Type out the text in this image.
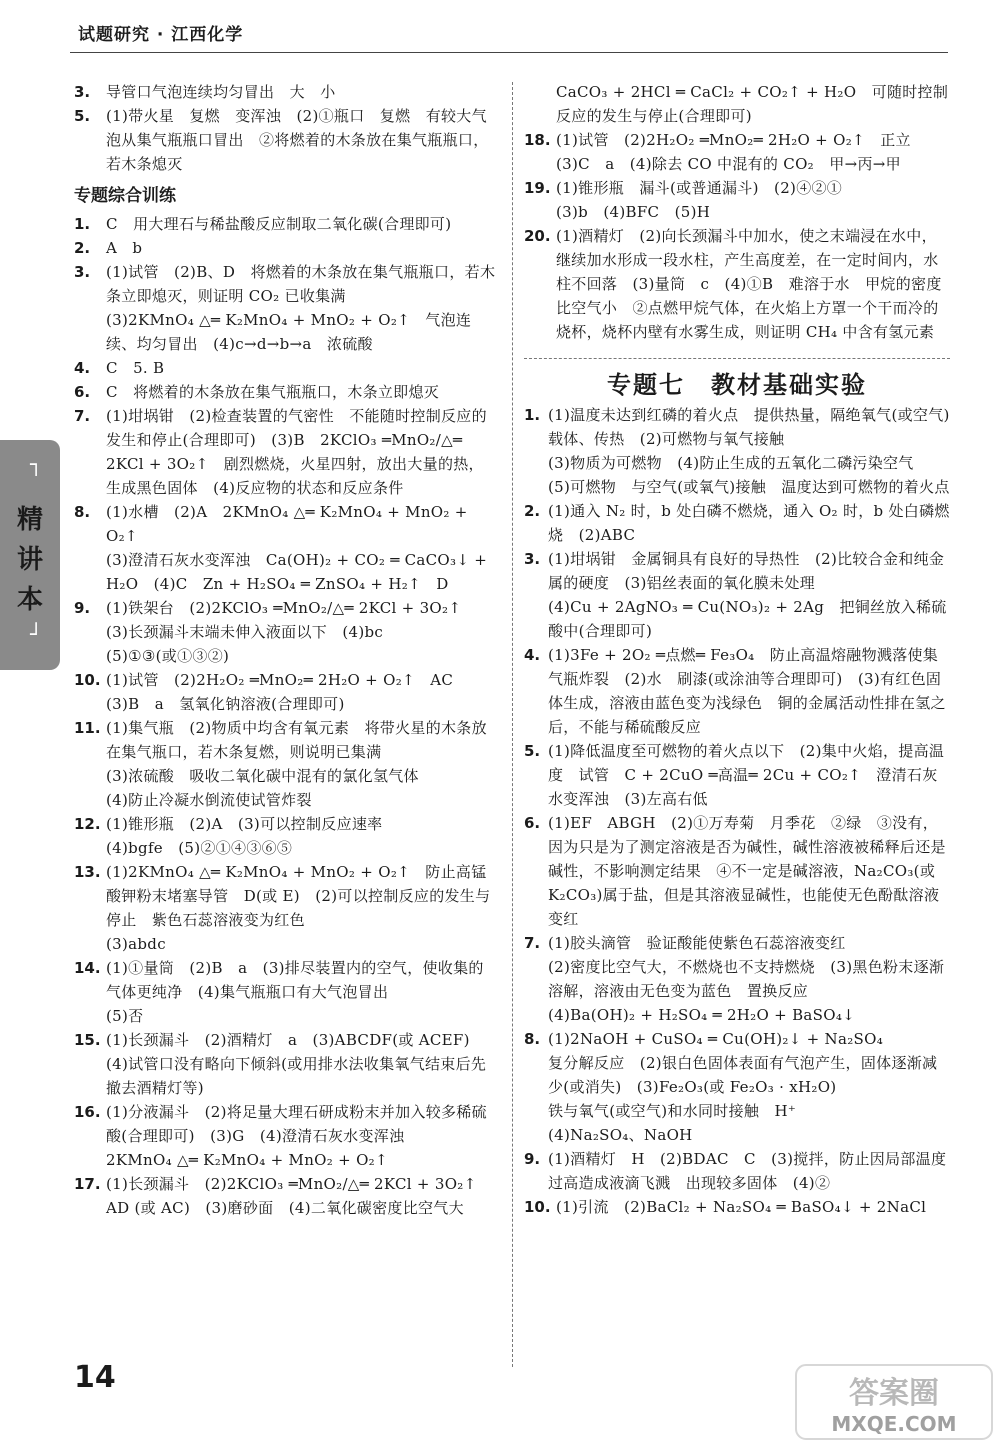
试题研究 · 江西化学
┐
┘
精讲本
3.	导管口气泡连续均匀冒出　大　小
5.	(1)带火星　复燃　变浑浊　(2)①瓶口　复燃　有较大气泡从集气瓶瓶口冒出　②将燃着的木条放在集气瓶瓶口，若木条熄灭
专题综合训练
1.	C　用大理石与稀盐酸反应制取二氧化碳(合理即可)
2.	A　b
3.	(1)试管　(2)B、D　将燃着的木条放在集气瓶瓶口，若木条立即熄灭，则证明 CO₂ 已收集满
(3)2KMnO₄ △═ K₂MnO₄ + MnO₂ + O₂↑　气泡连续、均匀冒出　(4)c→d→b→a　浓硫酸
4.	C　5. B
6.	C　将燃着的木条放在集气瓶瓶口，木条立即熄灭
7.	(1)坩埚钳　(2)检查装置的气密性　不能随时控制反应的发生和停止(合理即可)　(3)B　2KClO₃ ═MnO₂/△═ 2KCl + 3O₂↑　剧烈燃烧，火星四射，放出大量的热，生成黑色固体　(4)反应物的状态和反应条件
8.	(1)水槽　(2)A　2KMnO₄ △═ K₂MnO₄ + MnO₂ + O₂↑
(3)澄清石灰水变浑浊　Ca(OH)₂ + CO₂ ═ CaCO₃↓ + H₂O　(4)C　Zn + H₂SO₄ ═ ZnSO₄ + H₂↑　D
9.	(1)铁架台　(2)2KClO₃ ═MnO₂/△═ 2KCl + 3O₂↑
(3)长颈漏斗末端未伸入液面以下　(4)bc
(5)①③(或①③②)
10. (1)试管　(2)2H₂O₂ ═MnO₂═ 2H₂O + O₂↑　AC
(3)B　a　氢氧化钠溶液(合理即可)
11. (1)集气瓶　(2)物质中均含有氧元素　将带火星的木条放在集气瓶口，若木条复燃，则说明已集满
(3)浓硫酸　吸收二氧化碳中混有的氯化氢气体
(4)防止冷凝水倒流使试管炸裂
12. (1)锥形瓶　(2)A　(3)可以控制反应速率
(4)bgfe　(5)②①④③⑥⑤
13. (1)2KMnO₄ △═ K₂MnO₄ + MnO₂ + O₂↑　防止高锰酸钾粉末堵塞导管　D(或 E)　(2)可以控制反应的发生与停止　紫色石蕊溶液变为红色
(3)abdc
14. (1)①量筒　(2)B　a　(3)排尽装置内的空气，使收集的气体更纯净　(4)集气瓶瓶口有大气泡冒出
(5)否
15. (1)长颈漏斗　(2)酒精灯　a　(3)ABCDF(或 ACEF)　(4)试管口没有略向下倾斜(或用排水法收集氧气结束后先撤去酒精灯等)
16. (1)分液漏斗　(2)将足量大理石研成粉末并加入较多稀硫酸(合理即可)　(3)G　(4)澄清石灰水变浑浊
2KMnO₄ △═ K₂MnO₄ + MnO₂ + O₂↑
17. (1)长颈漏斗　(2)2KClO₃ ═MnO₂/△═ 2KCl + 3O₂↑　AD (或 AC)　(3)磨砂面　(4)二氧化碳密度比空气大
CaCO₃ + 2HCl ═ CaCl₂ + CO₂↑ + H₂O　可随时控制反应的发生与停止(合理即可)
18. (1)试管　(2)2H₂O₂ ═MnO₂═ 2H₂O + O₂↑　正立
(3)C　a　(4)除去 CO 中混有的 CO₂　甲→丙→甲
19. (1)锥形瓶　漏斗(或普通漏斗)　(2)④②①
(3)b　(4)BFC　(5)H
20. (1)酒精灯　(2)向长颈漏斗中加水，使之末端浸在水中，继续加水形成一段水柱，产生高度差，在一定时间内，水柱不回落　(3)量筒　c　(4)①B　难溶于水　甲烷的密度比空气小　②点燃甲烷气体，在火焰上方罩一个干而冷的烧杯，烧杯内壁有水雾生成，则证明 CH₄ 中含有氢元素
专题七　教材基础实验
1. (1)温度未达到红磷的着火点　提供热量，隔绝氧气(或空气)　载体、传热　(2)可燃物与氧气接触
(3)物质为可燃物　(4)防止生成的五氧化二磷污染空气　(5)可燃物　与空气(或氧气)接触　温度达到可燃物的着火点
2. (1)通入 N₂ 时，b 处白磷不燃烧，通入 O₂ 时，b 处白磷燃烧　(2)ABC
3. (1)坩埚钳　金属铜具有良好的导热性　(2)比较合金和纯金属的硬度　(3)铝丝表面的氧化膜未处理
(4)Cu + 2AgNO₃ ═ Cu(NO₃)₂ + 2Ag　把铜丝放入稀硫酸中(合理即可)
4. (1)3Fe + 2O₂ ═点燃═ Fe₃O₄　防止高温熔融物溅落使集气瓶炸裂　(2)水　刷漆(或涂油等合理即可)　(3)有红色固体生成，溶液由蓝色变为浅绿色　铜的金属活动性排在氢之后，不能与稀硫酸反应
5. (1)降低温度至可燃物的着火点以下　(2)集中火焰，提高温度　试管　C + 2CuO ═高温═ 2Cu + CO₂↑　澄清石灰水变浑浊　(3)左高右低
6. (1)EF　ABGH　(2)①万寿菊　月季花　②绿　③没有，因为只是为了测定溶液是否为碱性，碱性溶液被稀释后还是碱性，不影响测定结果　④不一定是碱溶液，Na₂CO₃(或 K₂CO₃)属于盐，但是其溶液显碱性，也能使无色酚酞溶液变红
7. (1)胶头滴管　验证酸能使紫色石蕊溶液变红
(2)密度比空气大，不燃烧也不支持燃烧　(3)黑色粉末逐渐溶解，溶液由无色变为蓝色　置换反应
(4)Ba(OH)₂ + H₂SO₄ ═ 2H₂O + BaSO₄↓
8. (1)2NaOH + CuSO₄ ═ Cu(OH)₂↓ + Na₂SO₄
复分解反应　(2)银白色固体表面有气泡产生，固体逐渐减少(或消失)　(3)Fe₂O₃(或 Fe₂O₃ · xH₂O)
铁与氧气(或空气)和水同时接触　H⁺
(4)Na₂SO₄、NaOH
9. (1)酒精灯　H　(2)BDAC　C　(3)搅拌，防止因局部温度过高造成液滴飞溅　出现较多固体　(4)②
10. (1)引流　(2)BaCl₂ + Na₂SO₄ ═ BaSO₄↓ + 2NaCl
14	答案圈
MXQE.COM
